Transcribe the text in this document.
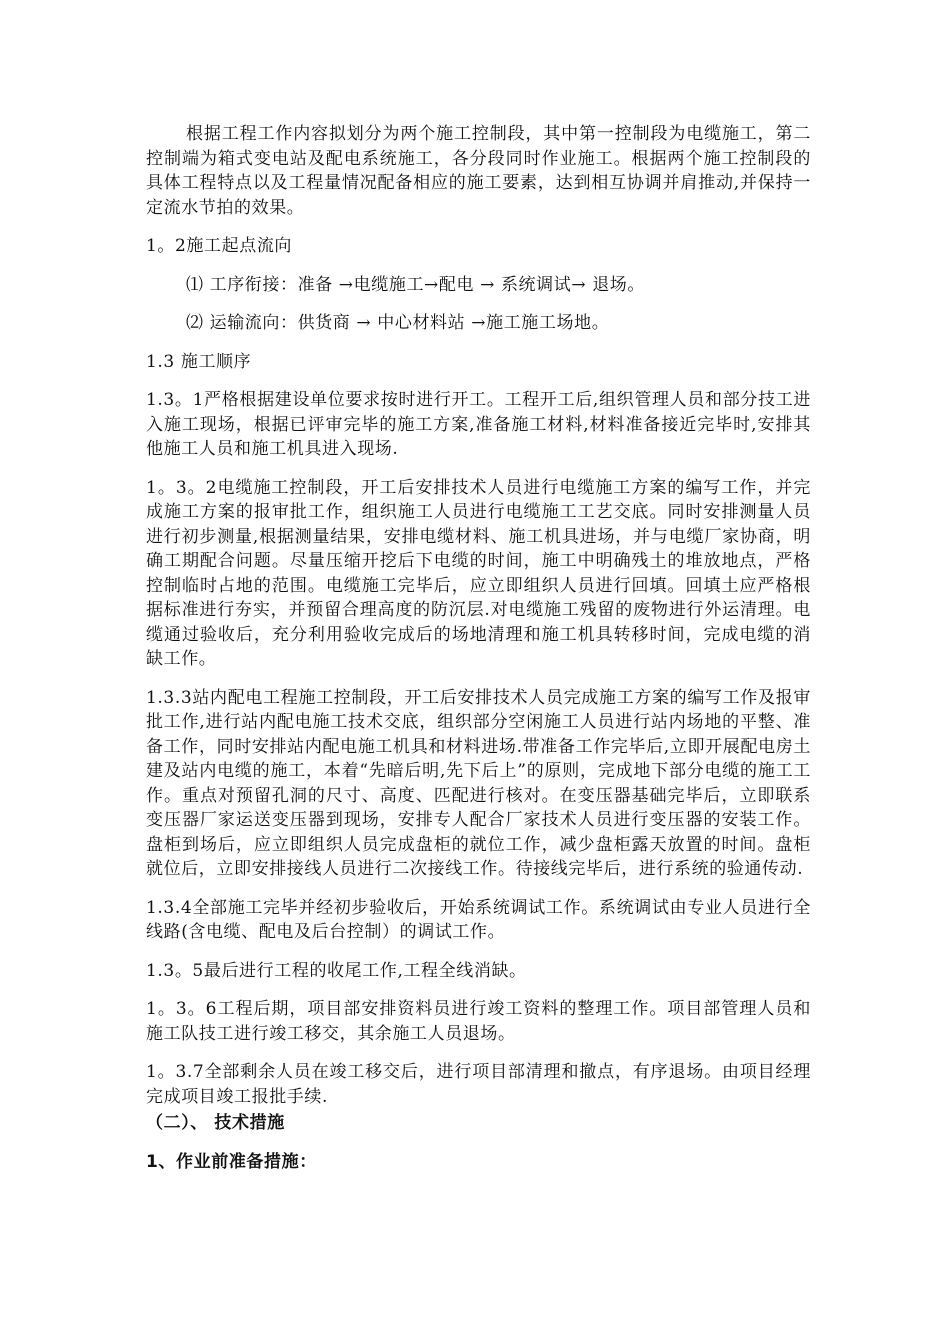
根据工程工作内容拟划分为两个施工控制段，其中第一控制段为电缆施工，第二控制端为箱式变电站及配电系统施工，各分段同时作业施工。根据两个施工控制段的具体工程特点以及工程量情况配备相应的施工要素，达到相互协调并肩推动,并保持一定流水节拍的效果。

1。2施工起点流向

⑴ 工序衔接：准备 →电缆施工→配电 → 系统调试→ 退场。

⑵ 运输流向：供货商 → 中心材料站 →施工施工场地。

1.3 施工顺序

1.3。1严格根据建设单位要求按时进行开工。工程开工后,组织管理人员和部分技工进入施工现场，根据已评审完毕的施工方案,准备施工材料,材料准备接近完毕时,安排其他施工人员和施工机具进入现场.

1。3。2电缆施工控制段，开工后安排技术人员进行电缆施工方案的编写工作，并完成施工方案的报审批工作，组织施工人员进行电缆施工工艺交底。同时安排测量人员进行初步测量,根据测量结果，安排电缆材料、施工机具进场，并与电缆厂家协商，明确工期配合问题。尽量压缩开挖后下电缆的时间，施工中明确残土的堆放地点，严格控制临时占地的范围。电缆施工完毕后，应立即组织人员进行回填。回填土应严格根据标准进行夯实，并预留合理高度的防沉层.对电缆施工残留的废物进行外运清理。电缆通过验收后，充分利用验收完成后的场地清理和施工机具转移时间，完成电缆的消缺工作。

1.3.3站内配电工程施工控制段，开工后安排技术人员完成施工方案的编写工作及报审批工作,进行站内配电施工技术交底，组织部分空闲施工人员进行站内场地的平整、准备工作，同时安排站内配电施工机具和材料进场.带准备工作完毕后,立即开展配电房土建及站内电缆的施工，本着“先暗后明,先下后上”的原则，完成地下部分电缆的施工工作。重点对预留孔洞的尺寸、高度、匹配进行核对。在变压器基础完毕后，立即联系变压器厂家运送变压器到现场，安排专人配合厂家技术人员进行变压器的安装工作。盘柜到场后，应立即组织人员完成盘柜的就位工作，减少盘柜露天放置的时间。盘柜就位后，立即安排接线人员进行二次接线工作。待接线完毕后，进行系统的验通传动.

1.3.4全部施工完毕并经初步验收后，开始系统调试工作。系统调试由专业人员进行全线路(含电缆、配电及后台控制）的调试工作。

1.3。5最后进行工程的收尾工作,工程全线消缺。

1。3。6工程后期，项目部安排资料员进行竣工资料的整理工作。项目部管理人员和施工队技工进行竣工移交，其余施工人员退场。

1。3.7全部剩余人员在竣工移交后，进行项目部清理和撤点，有序退场。由项目经理完成项目竣工报批手续.

（二）、 技术措施

1、作业前准备措施：
